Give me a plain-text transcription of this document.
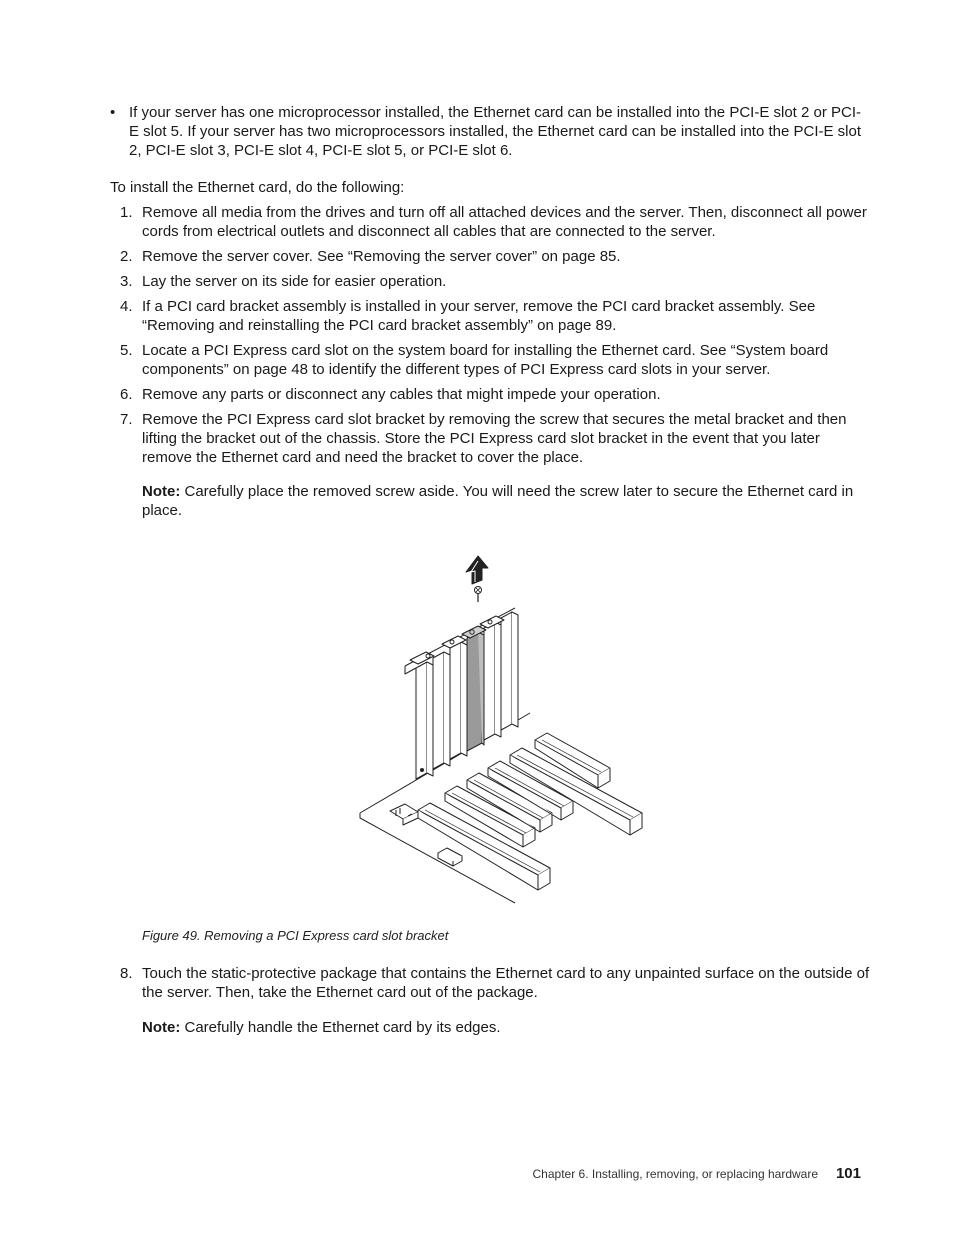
• If your server has one microprocessor installed, the Ethernet card can be installed into the PCI-E slot 2 or PCI-E slot 5. If your server has two microprocessors installed, the Ethernet card can be installed into the PCI-E slot 2, PCI-E slot 3, PCI-E slot 4, PCI-E slot 5, or PCI-E slot 6.
To install the Ethernet card, do the following:
1. Remove all media from the drives and turn off all attached devices and the server. Then, disconnect all power cords from electrical outlets and disconnect all cables that are connected to the server.
2. Remove the server cover. See “Removing the server cover” on page 85.
3. Lay the server on its side for easier operation.
4. If a PCI card bracket assembly is installed in your server, remove the PCI card bracket assembly. See “Removing and reinstalling the PCI card bracket assembly” on page 89.
5. Locate a PCI Express card slot on the system board for installing the Ethernet card. See “System board components” on page 48 to identify the different types of PCI Express card slots in your server.
6. Remove any parts or disconnect any cables that might impede your operation.
7. Remove the PCI Express card slot bracket by removing the screw that secures the metal bracket and then lifting the bracket out of the chassis. Store the PCI Express card slot bracket in the event that you later remove the Ethernet card and need the bracket to cover the place.
Note: Carefully place the removed screw aside. You will need the screw later to secure the Ethernet card in place.
Figure 49. Removing a PCI Express card slot bracket
8. Touch the static-protective package that contains the Ethernet card to any unpainted surface on the outside of the server. Then, take the Ethernet card out of the package.
Note: Carefully handle the Ethernet card by its edges.
Chapter 6. Installing, removing, or replacing hardware 101
